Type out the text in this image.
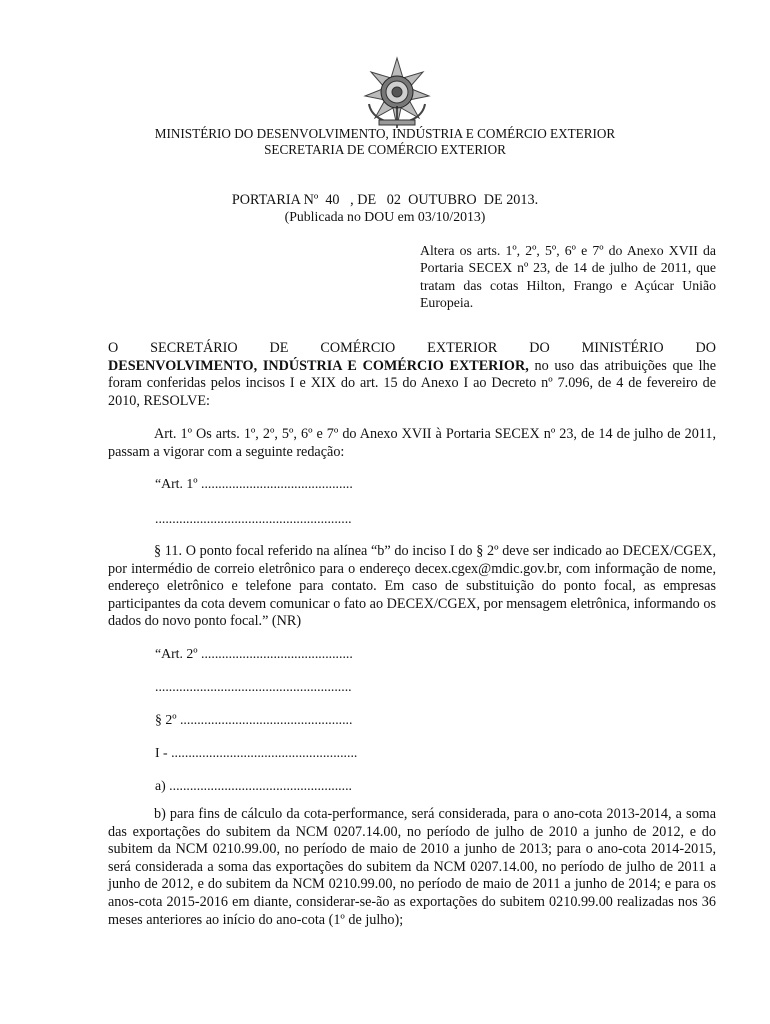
MINISTÉRIO DO DESENVOLVIMENTO, INDÚSTRIA E COMÉRCIO EXTERIOR
SECRETARIA DE COMÉRCIO EXTERIOR
PORTARIA Nº  40   , DE   02  OUTUBRO  DE 2013.
(Publicada no DOU em 03/10/2013)
Altera os arts. 1º, 2º, 5º, 6º e 7º do Anexo XVII da Portaria SECEX nº 23, de 14 de julho de 2011, que tratam das cotas Hilton, Frango e Açúcar União Europeia.
O SECRETÁRIO DE COMÉRCIO EXTERIOR DO MINISTÉRIO DO
DESENVOLVIMENTO, INDÚSTRIA E COMÉRCIO EXTERIOR, no uso das atribuições que lhe foram conferidas pelos incisos I e XIX do art. 15 do Anexo I ao Decreto nº 7.096, de 4 de fevereiro de 2010, RESOLVE:
Art. 1º Os arts. 1º, 2º, 5º, 6º e 7º do Anexo XVII à Portaria SECEX nº 23, de 14 de julho de 2011, passam a vigorar com a seguinte redação:
“Art. 1º ............................................
.........................................................
§ 11. O ponto focal referido na alínea “b” do inciso I do § 2º deve ser indicado ao DECEX/CGEX, por intermédio de correio eletrônico para o endereço decex.cgex@mdic.gov.br, com informação de nome, endereço eletrônico e telefone para contato. Em caso de substituição do ponto focal, as empresas participantes da cota devem comunicar o fato ao DECEX/CGEX, por mensagem eletrônica, informando os dados do novo ponto focal.” (NR)
“Art. 2º ............................................
.........................................................
§ 2º ..................................................
I - ......................................................
a) .....................................................
b) para fins de cálculo da cota-performance, será considerada, para o ano-cota 2013-2014, a soma das exportações do subitem da NCM 0207.14.00, no período de julho de 2010 a junho de 2012, e do subitem da NCM 0210.99.00, no período de maio de 2010 a junho de 2013; para o ano-cota 2014-2015, será considerada a soma das exportações do subitem da NCM 0207.14.00, no período de julho de 2011 a junho de 2012, e do subitem da NCM 0210.99.00, no período de maio de 2011 a junho de 2014; e para os anos-cota 2015-2016 em diante, considerar-se-ão as exportações do subitem 0210.99.00 realizadas nos 36 meses anteriores ao início do ano-cota (1º de julho);
